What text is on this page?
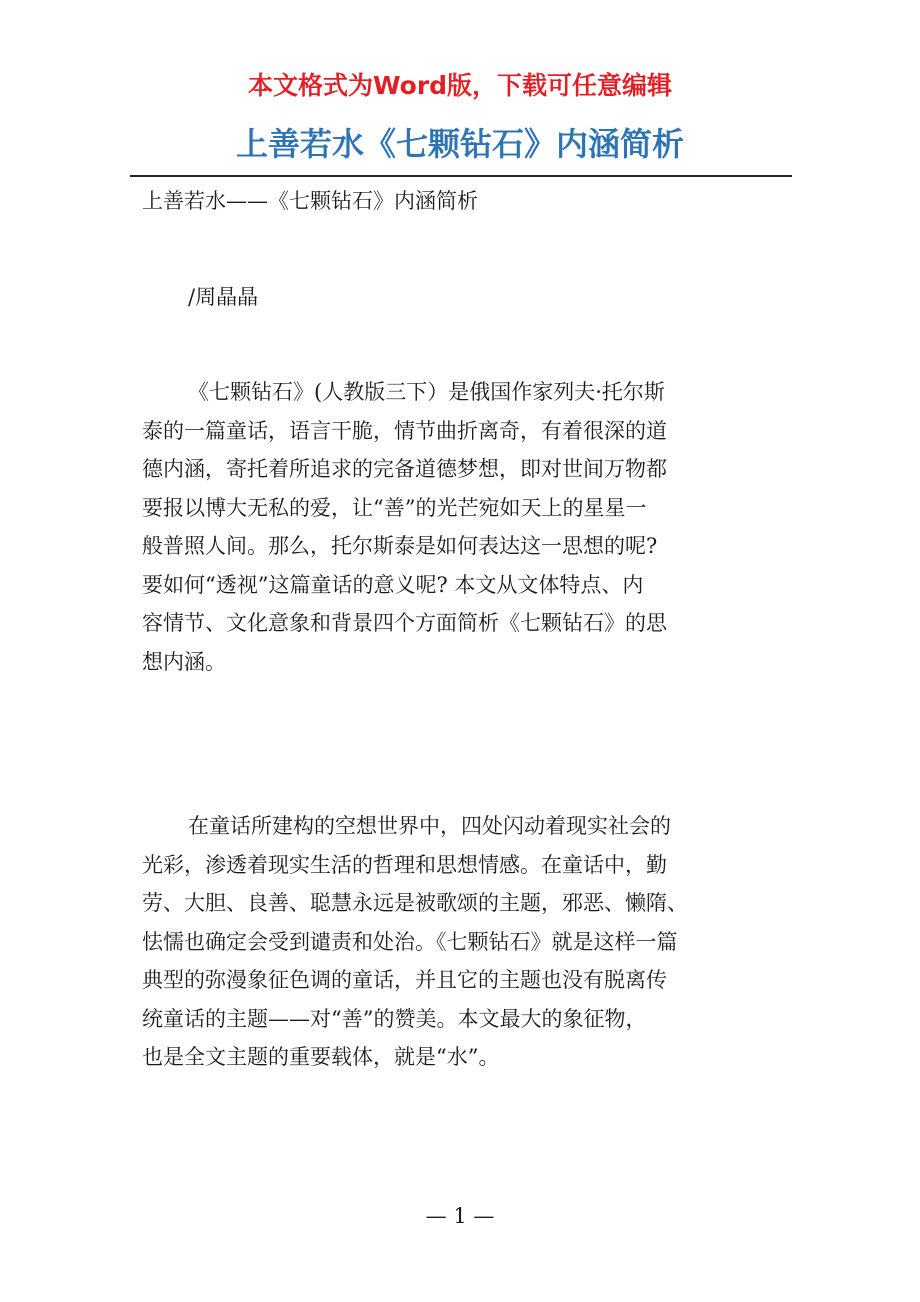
本文格式为Word版，下载可任意编辑

上善若水《七颗钻石》内涵简析

上善若水——《七颗钻石》内涵简析

/周晶晶

《七颗钻石》(人教版三下）是俄国作家列夫·托尔斯
泰的一篇童话，语言干脆，情节曲折离奇，有着很深的道
德内涵，寄托着所追求的完备道德梦想，即对世间万物都
要报以博大无私的爱，让“善”的光芒宛如天上的星星一
般普照人间。那么，托尔斯泰是如何表达这一思想的呢?
要如何“透视”这篇童话的意义呢? 本文从文体特点、内
容情节、文化意象和背景四个方面简析《七颗钻石》的思
想内涵。
在童话所建构的空想世界中，四处闪动着现实社会的
光彩，渗透着现实生活的哲理和思想情感。在童话中，勤
劳、大胆、良善、聪慧永远是被歌颂的主题，邪恶、懒隋、
怯懦也确定会受到谴责和处治。《七颗钻石》就是这样一篇
典型的弥漫象征色调的童话，并且它的主题也没有脱离传
统童话的主题——对“善”的赞美。本文最大的象征物，
也是全文主题的重要载体，就是“水”。
— 1 —
